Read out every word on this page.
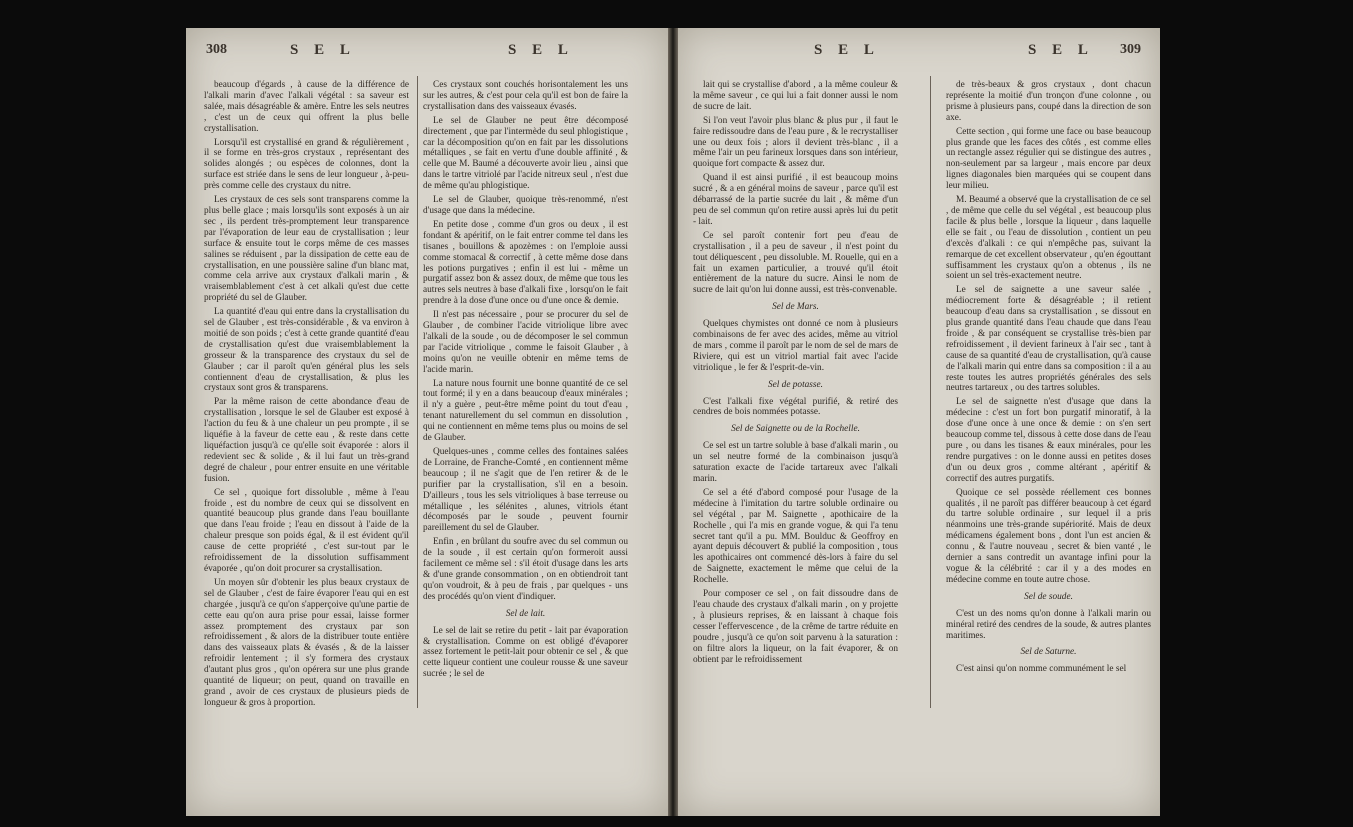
308	S E L	S E L	S E L	S E L 309

beaucoup d'égards , à cause de la différence de l'alkali marin d'avec l'alkali végétal : sa saveur est salée, mais désagréable & amère. Entre les sels neutres , c'est un de ceux qui offrent la plus belle crystallisation.

Lorsqu'il est crystallisé en grand & régulièrement , il se forme en très-gros crystaux , représentant des solides alongés ; ou espèces de colonnes, dont la surface est striée dans le sens de leur longueur , à-peu-près comme celle des crystaux du nitre.

Les crystaux de ces sels sont transparens comme la plus belle glace ; mais lorsqu'ils sont exposés à un air sec , ils perdent très-promptement leur transparence par l'évaporation de leur eau de crystallisation ; leur surface & ensuite tout le corps même de ces masses salines se réduisent , par la dissipation de cette eau de crystallisation, en une poussière saline d'un blanc mat, comme cela arrive aux crystaux d'alkali marin , & vraisemblablement c'est à cet alkali qu'est due cette propriété du sel de Glauber.

La quantité d'eau qui entre dans la crystallisation du sel de Glauber , est très-considérable , & va environ à moitié de son poids ; c'est à cette grande quantité d'eau de crystallisation qu'est due vraisemblablement la grosseur & la transparence des crystaux du sel de Glauber ; car il paroît qu'en général plus les sels contiennent d'eau de crystallisation, & plus les crystaux sont gros & transparens.

Par la même raison de cette abondance d'eau de crystallisation , lorsque le sel de Glauber est exposé à l'action du feu & à une chaleur un peu prompte , il se liquéfie à la faveur de cette eau , & reste dans cette liquéfaction jusqu'à ce qu'elle soit évaporée : alors il redevient sec & solide , & il lui faut un très-grand degré de chaleur , pour entrer ensuite en une véritable fusion.

Ce sel , quoique fort dissoluble , même à l'eau froide , est du nombre de ceux qui se dissolvent en quantité beaucoup plus grande dans l'eau bouillante que dans l'eau froide ; l'eau en dissout à l'aide de la chaleur presque son poids égal, & il est évident qu'il cause de cette propriété , c'est sur-tout par le refroidissement de la dissolution suffisamment évaporée , qu'on doit procurer sa crystallisation.

Un moyen sûr d'obtenir les plus beaux crystaux de sel de Glauber , c'est de faire évaporer l'eau qui en est chargée , jusqu'à ce qu'on s'apperçoive qu'une partie de cette eau qu'on aura prise pour essai, laisse former assez promptement des crystaux par son refroidissement , & alors de la distribuer toute entière dans des vaisseaux plats & évasés , & de la laisser refroidir lentement ; il s'y formera des crystaux d'autant plus gros , qu'on opérera sur une plus grande quantité de liqueur; on peut, quand on travaille en grand , avoir de ces crystaux de plusieurs pieds de longueur & gros à proportion.

Ces crystaux sont couchés horisontalement les uns sur les autres, & c'est pour cela qu'il est bon de faire la crystallisation dans des vaisseaux évasés.

Le sel de Glauber ne peut être décomposé directement , que par l'intermède du seul phlogistique , car la décomposition qu'on en fait par les dissolutions métalliques , se fait en vertu d'une double affinité , & celle que M. Baumé a découverte avoir lieu , ainsi que dans le tartre vitriolé par l'acide nitreux seul , n'est due de même qu'au phlogistique.

Le sel de Glauber, quoique très-renommé, n'est d'usage que dans la médecine.

En petite dose , comme d'un gros ou deux , il est fondant & apéritif, on le fait entrer comme tel dans les tisanes , bouillons & apozèmes : on l'emploie aussi comme stomacal & correctif , à cette même dose dans les potions purgatives ; enfin il est lui - même un purgatif assez bon & assez doux, de même que tous les autres sels neutres à base d'alkali fixe , lorsqu'on le fait prendre à la dose d'une once ou d'une once & demie.

Il n'est pas nécessaire , pour se procurer du sel de Glauber , de combiner l'acide vitriolique libre avec l'alkali de la soude , ou de décomposer le sel commun par l'acide vitriolique , comme le faisoit Glauber , à moins qu'on ne veuille obtenir en même tems de l'acide marin.

La nature nous fournit une bonne quantité de ce sel tout formé; il y en a dans beaucoup d'eaux minérales ; il n'y a guère , peut-être même point du tout d'eau , tenant naturellement du sel commun en dissolution , qui ne contiennent en même tems plus ou moins de sel de Glauber.

Quelques-unes , comme celles des fontaines salées de Lorraine, de Franche-Comté , en contiennent même beaucoup ; il ne s'agit que de l'en retirer & de le purifier par la crystallisation, s'il en a besoin. D'ailleurs , tous les sels vitrioliques à base terreuse ou métallique , les sélénites , alunes, vitriols étant décomposés par le soude , peuvent fournir pareillement du sel de Glauber.

Enfin , en brûlant du soufre avec du sel commun ou de la soude , il est certain qu'on formeroit aussi facilement ce même sel : s'il étoit d'usage dans les arts & d'une grande consommation , on en obtiendroit tant qu'on voudroit, & à peu de frais , par quelques - uns des procédés qu'on vient d'indiquer.

Sel de lait.

Le sel de lait se retire du petit - lait par évaporation & crystallisation. Comme on est obligé d'évaporer assez fortement le petit-lait pour obtenir ce sel , & que cette liqueur contient une couleur rousse & une saveur sucrée ; le sel de

lait qui se crystallise d'abord , a la même couleur & la même saveur , ce qui lui a fait donner aussi le nom de sucre de lait.

Si l'on veut l'avoir plus blanc & plus pur , il faut le faire redissoudre dans de l'eau pure , & le recrystalliser une ou deux fois ; alors il devient très-blanc , il a même l'air un peu farineux lorsques dans son intérieur, quoique fort compacte & assez dur.

Quand il est ainsi purifié , il est beaucoup moins sucré , & a en général moins de saveur , parce qu'il est débarrassé de la partie sucrée du lait , & même d'un peu de sel commun qu'on retire aussi après lui du petit - lait.

Ce sel paroît contenir fort peu d'eau de crystallisation , il a peu de saveur , il n'est point du tout déliquescent , peu dissoluble. M. Rouelle, qui en a fait un examen particulier, a trouvé qu'il étoit entièrement de la nature du sucre. Ainsi le nom de sucre de lait qu'on lui donne aussi, est très-convenable.

Sel de Mars.

Quelques chymistes ont donné ce nom à plusieurs combinaisons de fer avec des acides, même au vitriol de mars , comme il paroît par le nom de sel de mars de Riviere, qui est un vitriol martial fait avec l'acide vitriolique , le fer & l'esprit-de-vin.

Sel de potasse.

C'est l'alkali fixe végétal purifié, & retiré des cendres de bois nommées potasse.

Sel de Saignette ou de la Rochelle.

Ce sel est un tartre soluble à base d'alkali marin , ou un sel neutre formé de la combinaison jusqu'à saturation exacte de l'acide tartareux avec l'alkali marin.

Ce sel a été d'abord composé pour l'usage de la médecine à l'imitation du tartre soluble ordinaire ou sel végétal , par M. Saignette , apothicaire de la Rochelle , qui l'a mis en grande vogue, & qui l'a tenu secret tant qu'il a pu. MM. Boulduc & Geoffroy en ayant depuis découvert & publié la composition , tous les apothicaires ont commencé dès-lors à faire du sel de Saignette, exactement le même que celui de la Rochelle.

Pour composer ce sel , on fait dissoudre dans de l'eau chaude des crystaux d'alkali marin , on y projette , à plusieurs reprises, & en laissant à chaque fois cesser l'effervescence , de la crême de tartre réduite en poudre , jusqu'à ce qu'on soit parvenu à la saturation : on filtre alors la liqueur, on la fait évaporer, & on obtient par le refroidissement

de très-beaux & gros crystaux , dont chacun représente la moitié d'un tronçon d'une colonne , ou prisme à plusieurs pans, coupé dans la direction de son axe.

Cette section , qui forme une face ou base beaucoup plus grande que les faces des côtés , est comme elles un rectangle assez régulier qui se distingue des autres , non-seulement par sa largeur , mais encore par deux lignes diagonales bien marquées qui se coupent dans leur milieu.

M. Beaumé a observé que la crystallisation de ce sel , de même que celle du sel végétal , est beaucoup plus facile & plus belle , lorsque la liqueur , dans laquelle elle se fait , ou l'eau de dissolution , contient un peu d'excès d'alkali : ce qui n'empêche pas, suivant la remarque de cet excellent observateur , qu'en égouttant suffisamment les crystaux qu'on a obtenus , ils ne soient un sel très-exactement neutre.

Le sel de saignette a une saveur salée , médiocrement forte & désagréable ; il retient beaucoup d'eau dans sa crystallisation , se dissout en plus grande quantité dans l'eau chaude que dans l'eau froide , & par conséquent se crystallise très-bien par refroidissement , il devient farineux à l'air sec , tant à cause de sa quantité d'eau de crystallisation, qu'à cause de l'alkali marin qui entre dans sa composition : il a au reste toutes les autres propriétés générales des sels neutres tartareux , ou des tartres solubles.

Le sel de saignette n'est d'usage que dans la médecine : c'est un fort bon purgatif minoratif, à la dose d'une once à une once & demie : on s'en sert beaucoup comme tel, dissous à cette dose dans de l'eau pure , ou dans les tisanes & eaux minérales, pour les rendre purgatives : on le donne aussi en petites doses d'un ou deux gros , comme altérant , apéritif & correctif des autres purgatifs.

Quoique ce sel possède réellement ces bonnes qualités , il ne paroît pas différer beaucoup à cet égard du tartre soluble ordinaire , sur lequel il a pris néanmoins une très-grande supériorité. Mais de deux médicamens également bons , dont l'un est ancien & connu , & l'autre nouveau , secret & bien vanté , le dernier a sans contredit un avantage infini pour la vogue & la célébrité : car il y a des modes en médecine comme en toute autre chose.

Sel de soude.

C'est un des noms qu'on donne à l'alkali marin ou minéral retiré des cendres de la soude, & autres plantes maritimes.

Sel de Saturne.

C'est ainsi qu'on nomme communément le sel
